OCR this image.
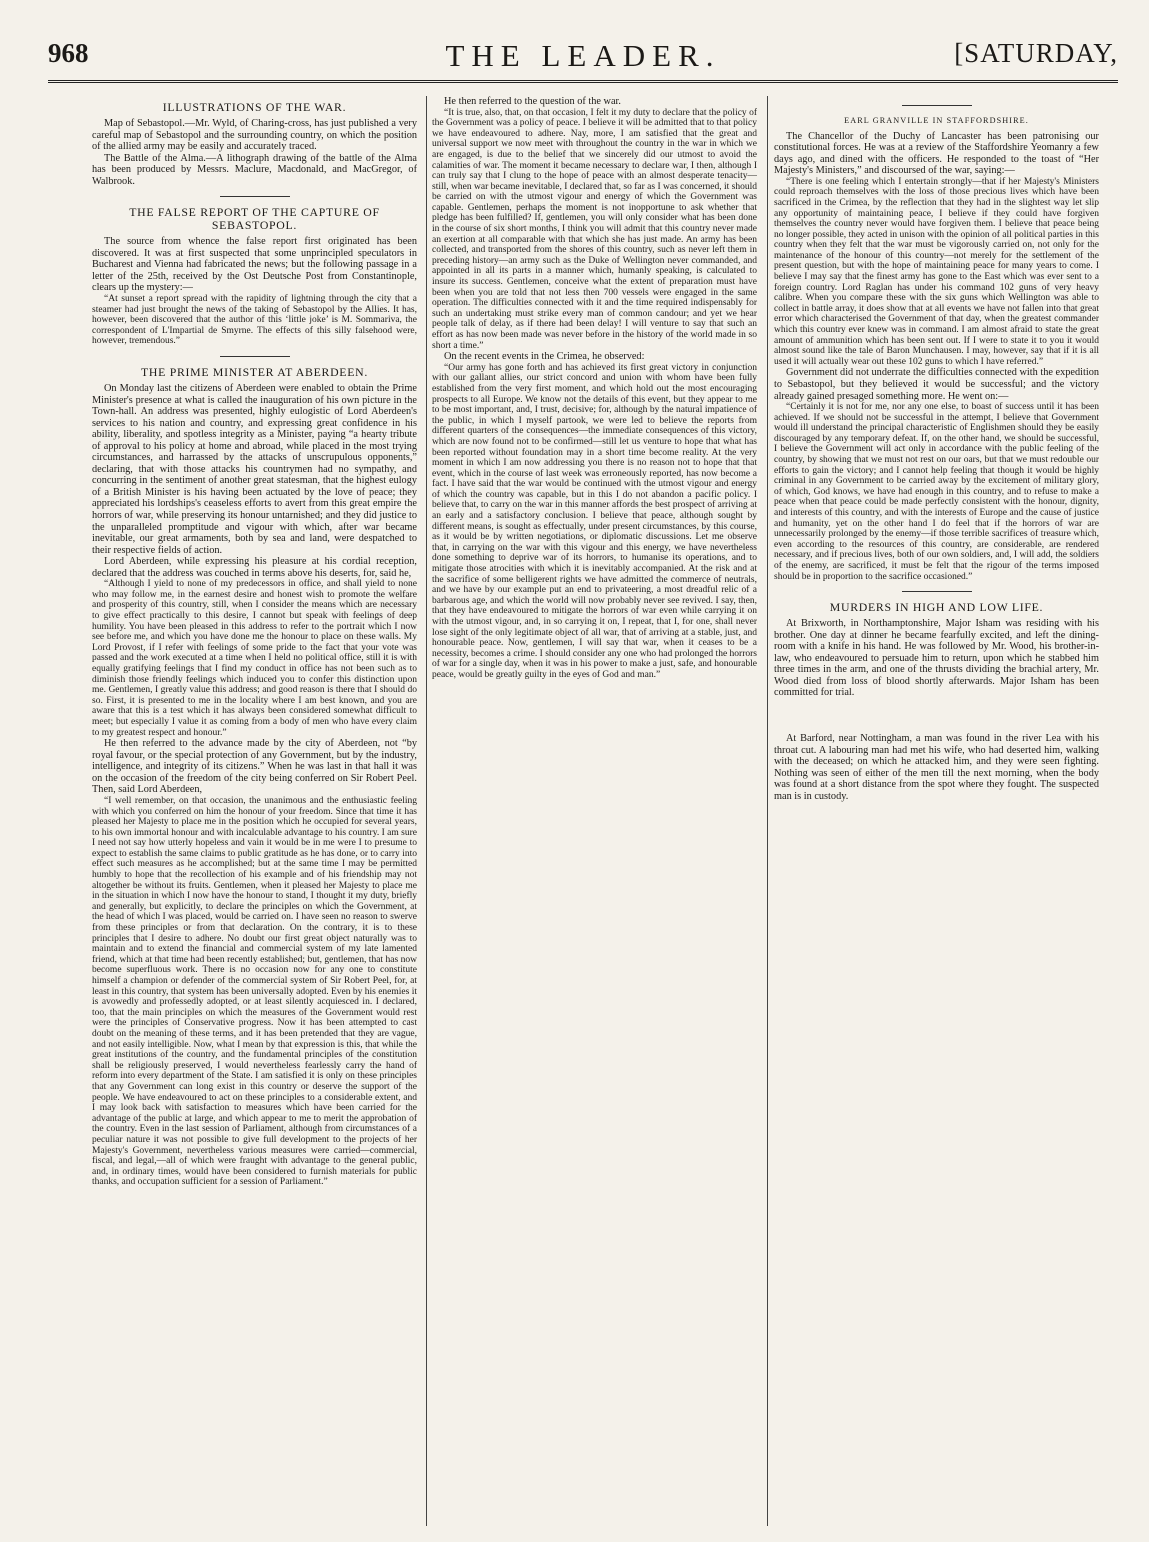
968	THE LEADER.	[SATURDAY,
ILLUSTRATIONS OF THE WAR.

Map of Sebastopol.—Mr. Wyld, of Charing-cross, has just published a very careful map of Sebastopol and the surrounding country, on which the position of the allied army may be easily and accurately traced.

The Battle of the Alma.—A lithograph drawing of the battle of the Alma has been produced by Messrs. Maclure, Macdonald, and MacGregor, of Walbrook.

THE FALSE REPORT OF THE CAPTURE OF SEBASTOPOL.

The source from whence the false report first originated has been discovered. It was at first suspected that some unprincipled speculators in Bucharest and Vienna had fabricated the news; but the following passage in a letter of the 25th, received by the Ost Deutsche Post from Constantinople, clears up the mystery:—

“At sunset a report spread with the rapidity of lightning through the city that a steamer had just brought the news of the taking of Sebastopol by the Allies. It has, however, been discovered that the author of this ‘little joke’ is M. Sommariva, the correspondent of L'Impartial de Smyrne. The effects of this silly falsehood were, however, tremendous.”

THE PRIME MINISTER AT ABERDEEN.

On Monday last the citizens of Aberdeen were enabled to obtain the Prime Minister's presence at what is called the inauguration of his own picture in the Town-hall. An address was presented, highly eulogistic of Lord Aberdeen's services to his nation and country, and expressing great confidence in his ability, liberality, and spotless integrity as a Minister, paying “a hearty tribute of approval to his policy at home and abroad, while placed in the most trying circumstances, and harrassed by the attacks of unscrupulous opponents,” declaring, that with those attacks his countrymen had no sympathy, and concurring in the sentiment of another great statesman, that the highest eulogy of a British Minister is his having been actuated by the love of peace; they appreciated his lordships's ceaseless efforts to avert from this great empire the horrors of war, while preserving its honour untarnished; and they did justice to the unparalleled promptitude and vigour with which, after war became inevitable, our great armaments, both by sea and land, were despatched to their respective fields of action.

Lord Aberdeen, while expressing his pleasure at his cordial reception, declared that the address was couched in terms above his deserts, for, said he,

“Although I yield to none of my predecessors in office, and shall yield to none who may follow me, in the earnest desire and honest wish to promote the welfare and prosperity of this country, still, when I consider the means which are necessary to give effect practically to this desire, I cannot but speak with feelings of deep humility. You have been pleased in this address to refer to the portrait which I now see before me, and which you have done me the honour to place on these walls. My Lord Provost, if I refer with feelings of some pride to the fact that your vote was passed and the work executed at a time when I held no political office, still it is with equally gratifying feelings that I find my conduct in office has not been such as to diminish those friendly feelings which induced you to confer this distinction upon me. Gentlemen, I greatly value this address; and good reason is there that I should do so. First, it is presented to me in the locality where I am best known, and you are aware that this is a test which it has always been considered somewhat difficult to meet; but especially I value it as coming from a body of men who have every claim to my greatest respect and honour.”

He then referred to the advance made by the city of Aberdeen, not “by royal favour, or the special protection of any Government, but by the industry, intelligence, and integrity of its citizens.” When he was last in that hall it was on the occasion of the freedom of the city being conferred on Sir Robert Peel. Then, said Lord Aberdeen,

“I well remember, on that occasion, the unanimous and the enthusiastic feeling with which you conferred on him the honour of your freedom. Since that time it has pleased her Majesty to place me in the position which he occupied for several years, to his own immortal honour and with incalculable advantage to his country. I am sure I need not say how utterly hopeless and vain it would be in me were I to presume to expect to establish the same claims to public gratitude as he has done, or to carry into effect such measures as he accomplished; but at the same time I may be permitted humbly to hope that the recollection of his example and of his friendship may not altogether be without its fruits. Gentlemen, when it pleased her Majesty to place me in the situation in which I now have the honour to stand, I thought it my duty, briefly and generally, but explicitly, to declare the principles on which the Government, at the head of which I was placed, would be carried on. I have seen no reason to swerve from these principles or from that declaration. On the contrary, it is to these principles that I desire to adhere. No doubt our first great object naturally was to maintain and to extend the financial and commercial system of my late lamented friend, which at that time had been recently established; but, gentlemen, that has now become superfluous work. There is no occasion now for any one to constitute himself a champion or defender of the commercial system of Sir Robert Peel, for, at least in this country, that system has been universally adopted. Even by his enemies it is avowedly and professedly adopted, or at least silently acquiesced in. I declared, too, that the main principles on which the measures of the Government would rest were the principles of Conservative progress. Now it has been attempted to cast doubt on the meaning of these terms, and it has been pretended that they are vague, and not easily intelligible. Now, what I mean by that expression is this, that while the great institutions of the country, and the fundamental principles of the constitution shall be religiously preserved, I would nevertheless fearlessly carry the hand of reform into every department of the State. I am satisfied it is only on these principles that any Government can long exist in this country or deserve the support of the people. We have endeavoured to act on these principles to a considerable extent, and I may look back with satisfaction to measures which have been carried for the advantage of the public at large, and which appear to me to merit the approbation of the country. Even in the last session of Parliament, although from circumstances of a peculiar nature it was not possible to give full development to the projects of her Majesty's Government, nevertheless various measures were carried—commercial, fiscal, and legal,—all of which were fraught with advantage to the general public, and, in ordinary times, would have been considered to furnish materials for public thanks, and occupation sufficient for a session of Parliament.”

He then referred to the question of the war.

“It is true, also, that, on that occasion, I felt it my duty to declare that the policy of the Government was a policy of peace. I believe it will be admitted that to that policy we have endeavoured to adhere. Nay, more, I am satisfied that the great and universal support we now meet with throughout the country in the war in which we are engaged, is due to the belief that we sincerely did our utmost to avoid the calamities of war. The moment it became necessary to declare war, I then, although I can truly say that I clung to the hope of peace with an almost desperate tenacity—still, when war became inevitable, I declared that, so far as I was concerned, it should be carried on with the utmost vigour and energy of which the Government was capable. Gentlemen, perhaps the moment is not inopportune to ask whether that pledge has been fulfilled? If, gentlemen, you will only consider what has been done in the course of six short months, I think you will admit that this country never made an exertion at all comparable with that which she has just made. An army has been collected, and transported from the shores of this country, such as never left them in preceding history—an army such as the Duke of Wellington never commanded, and appointed in all its parts in a manner which, humanly speaking, is calculated to insure its success. Gentlemen, conceive what the extent of preparation must have been when you are told that not less then 700 vessels were engaged in the same operation. The difficulties connected with it and the time required indispensably for such an undertaking must strike every man of common candour; and yet we hear people talk of delay, as if there had been delay! I will venture to say that such an effort as has now been made was never before in the history of the world made in so short a time.”

On the recent events in the Crimea, he observed:

“Our army has gone forth and has achieved its first great victory in conjunction with our gallant allies, our strict concord and union with whom have been fully established from the very first moment, and which hold out the most encouraging prospects to all Europe. We know not the details of this event, but they appear to me to be most important, and, I trust, decisive; for, although by the natural impatience of the public, in which I myself partook, we were led to believe the reports from different quarters of the consequences—the immediate consequences of this victory, which are now found not to be confirmed—still let us venture to hope that what has been reported without foundation may in a short time become reality. At the very moment in which I am now addressing you there is no reason not to hope that that event, which in the course of last week was erroneously reported, has now become a fact. I have said that the war would be continued with the utmost vigour and energy of which the country was capable, but in this I do not abandon a pacific policy. I believe that, to carry on the war in this manner affords the best prospect of arriving at an early and a satisfactory conclusion. I believe that peace, although sought by different means, is sought as effectually, under present circumstances, by this course, as it would be by written negotiations, or diplomatic discussions. Let me observe that, in carrying on the war with this vigour and this energy, we have nevertheless done something to deprive war of its horrors, to humanise its operations, and to mitigate those atrocities with which it is inevitably accompanied. At the risk and at the sacrifice of some belligerent rights we have admitted the commerce of neutrals, and we have by our example put an end to privateering, a most dreadful relic of a barbarous age, and which the world will now probably never see revived. I say, then, that they have endeavoured to mitigate the horrors of war even while carrying it on with the utmost vigour, and, in so carrying it on, I repeat, that I, for one, shall never lose sight of the only legitimate object of all war, that of arriving at a stable, just, and honourable peace. Now, gentlemen, I will say that war, when it ceases to be a necessity, becomes a crime. I should consider any one who had prolonged the horrors of war for a single day, when it was in his power to make a just, safe, and honourable peace, would be greatly guilty in the eyes of God and man.”

EARL GRANVILLE IN STAFFORDSHIRE.

The Chancellor of the Duchy of Lancaster has been patronising our constitutional forces. He was at a review of the Staffordshire Yeomanry a few days ago, and dined with the officers. He responded to the toast of “Her Majesty's Ministers,” and discoursed of the war, saying:—

“There is one feeling which I entertain strongly—that if her Majesty's Ministers could reproach themselves with the loss of those precious lives which have been sacrificed in the Crimea, by the reflection that they had in the slightest way let slip any opportunity of maintaining peace, I believe if they could have forgiven themselves the country never would have forgiven them. I believe that peace being no longer possible, they acted in unison with the opinion of all political parties in this country when they felt that the war must be vigorously carried on, not only for the maintenance of the honour of this country—not merely for the settlement of the present question, but with the hope of maintaining peace for many years to come. I believe I may say that the finest army has gone to the East which was ever sent to a foreign country. Lord Raglan has under his command 102 guns of very heavy calibre. When you compare these with the six guns which Wellington was able to collect in battle array, it does show that at all events we have not fallen into that great error which characterised the Government of that day, when the greatest commander which this country ever knew was in command. I am almost afraid to state the great amount of ammunition which has been sent out. If I were to state it to you it would almost sound like the tale of Baron Munchausen. I may, however, say that if it is all used it will actually wear out these 102 guns to which I have referred.”

Government did not underrate the difficulties connected with the expedition to Sebastopol, but they believed it would be successful; and the victory already gained presaged something more. He went on:—

“Certainly it is not for me, nor any one else, to boast of success until it has been achieved. If we should not be successful in the attempt, I believe that Government would ill understand the principal characteristic of Englishmen should they be easily discouraged by any temporary defeat. If, on the other hand, we should be successful, I believe the Government will act only in accordance with the public feeling of the country, by showing that we must not rest on our oars, but that we must redouble our efforts to gain the victory; and I cannot help feeling that though it would be highly criminal in any Government to be carried away by the excitement of military glory, of which, God knows, we have had enough in this country, and to refuse to make a peace when that peace could be made perfectly consistent with the honour, dignity, and interests of this country, and with the interests of Europe and the cause of justice and humanity, yet on the other hand I do feel that if the horrors of war are unnecessarily prolonged by the enemy—if those terrible sacrifices of treasure which, even according to the resources of this country, are considerable, are rendered necessary, and if precious lives, both of our own soldiers, and, I will add, the soldiers of the enemy, are sacrificed, it must be felt that the rigour of the terms imposed should be in proportion to the sacrifice occasioned.”

MURDERS IN HIGH AND LOW LIFE.

At Brixworth, in Northamptonshire, Major Isham was residing with his brother. One day at dinner he became fearfully excited, and left the dining-room with a knife in his hand. He was followed by Mr. Wood, his brother-in-law, who endeavoured to persuade him to return, upon which he stabbed him three times in the arm, and one of the thrusts dividing the brachial artery, Mr. Wood died from loss of blood shortly afterwards. Major Isham has been committed for trial.

At Barford, near Nottingham, a man was found in the river Lea with his throat cut. A labouring man had met his wife, who had deserted him, walking with the deceased; on which he attacked him, and they were seen fighting. Nothing was seen of either of the men till the next morning, when the body was found at a short distance from the spot where they fought. The suspected man is in custody.
